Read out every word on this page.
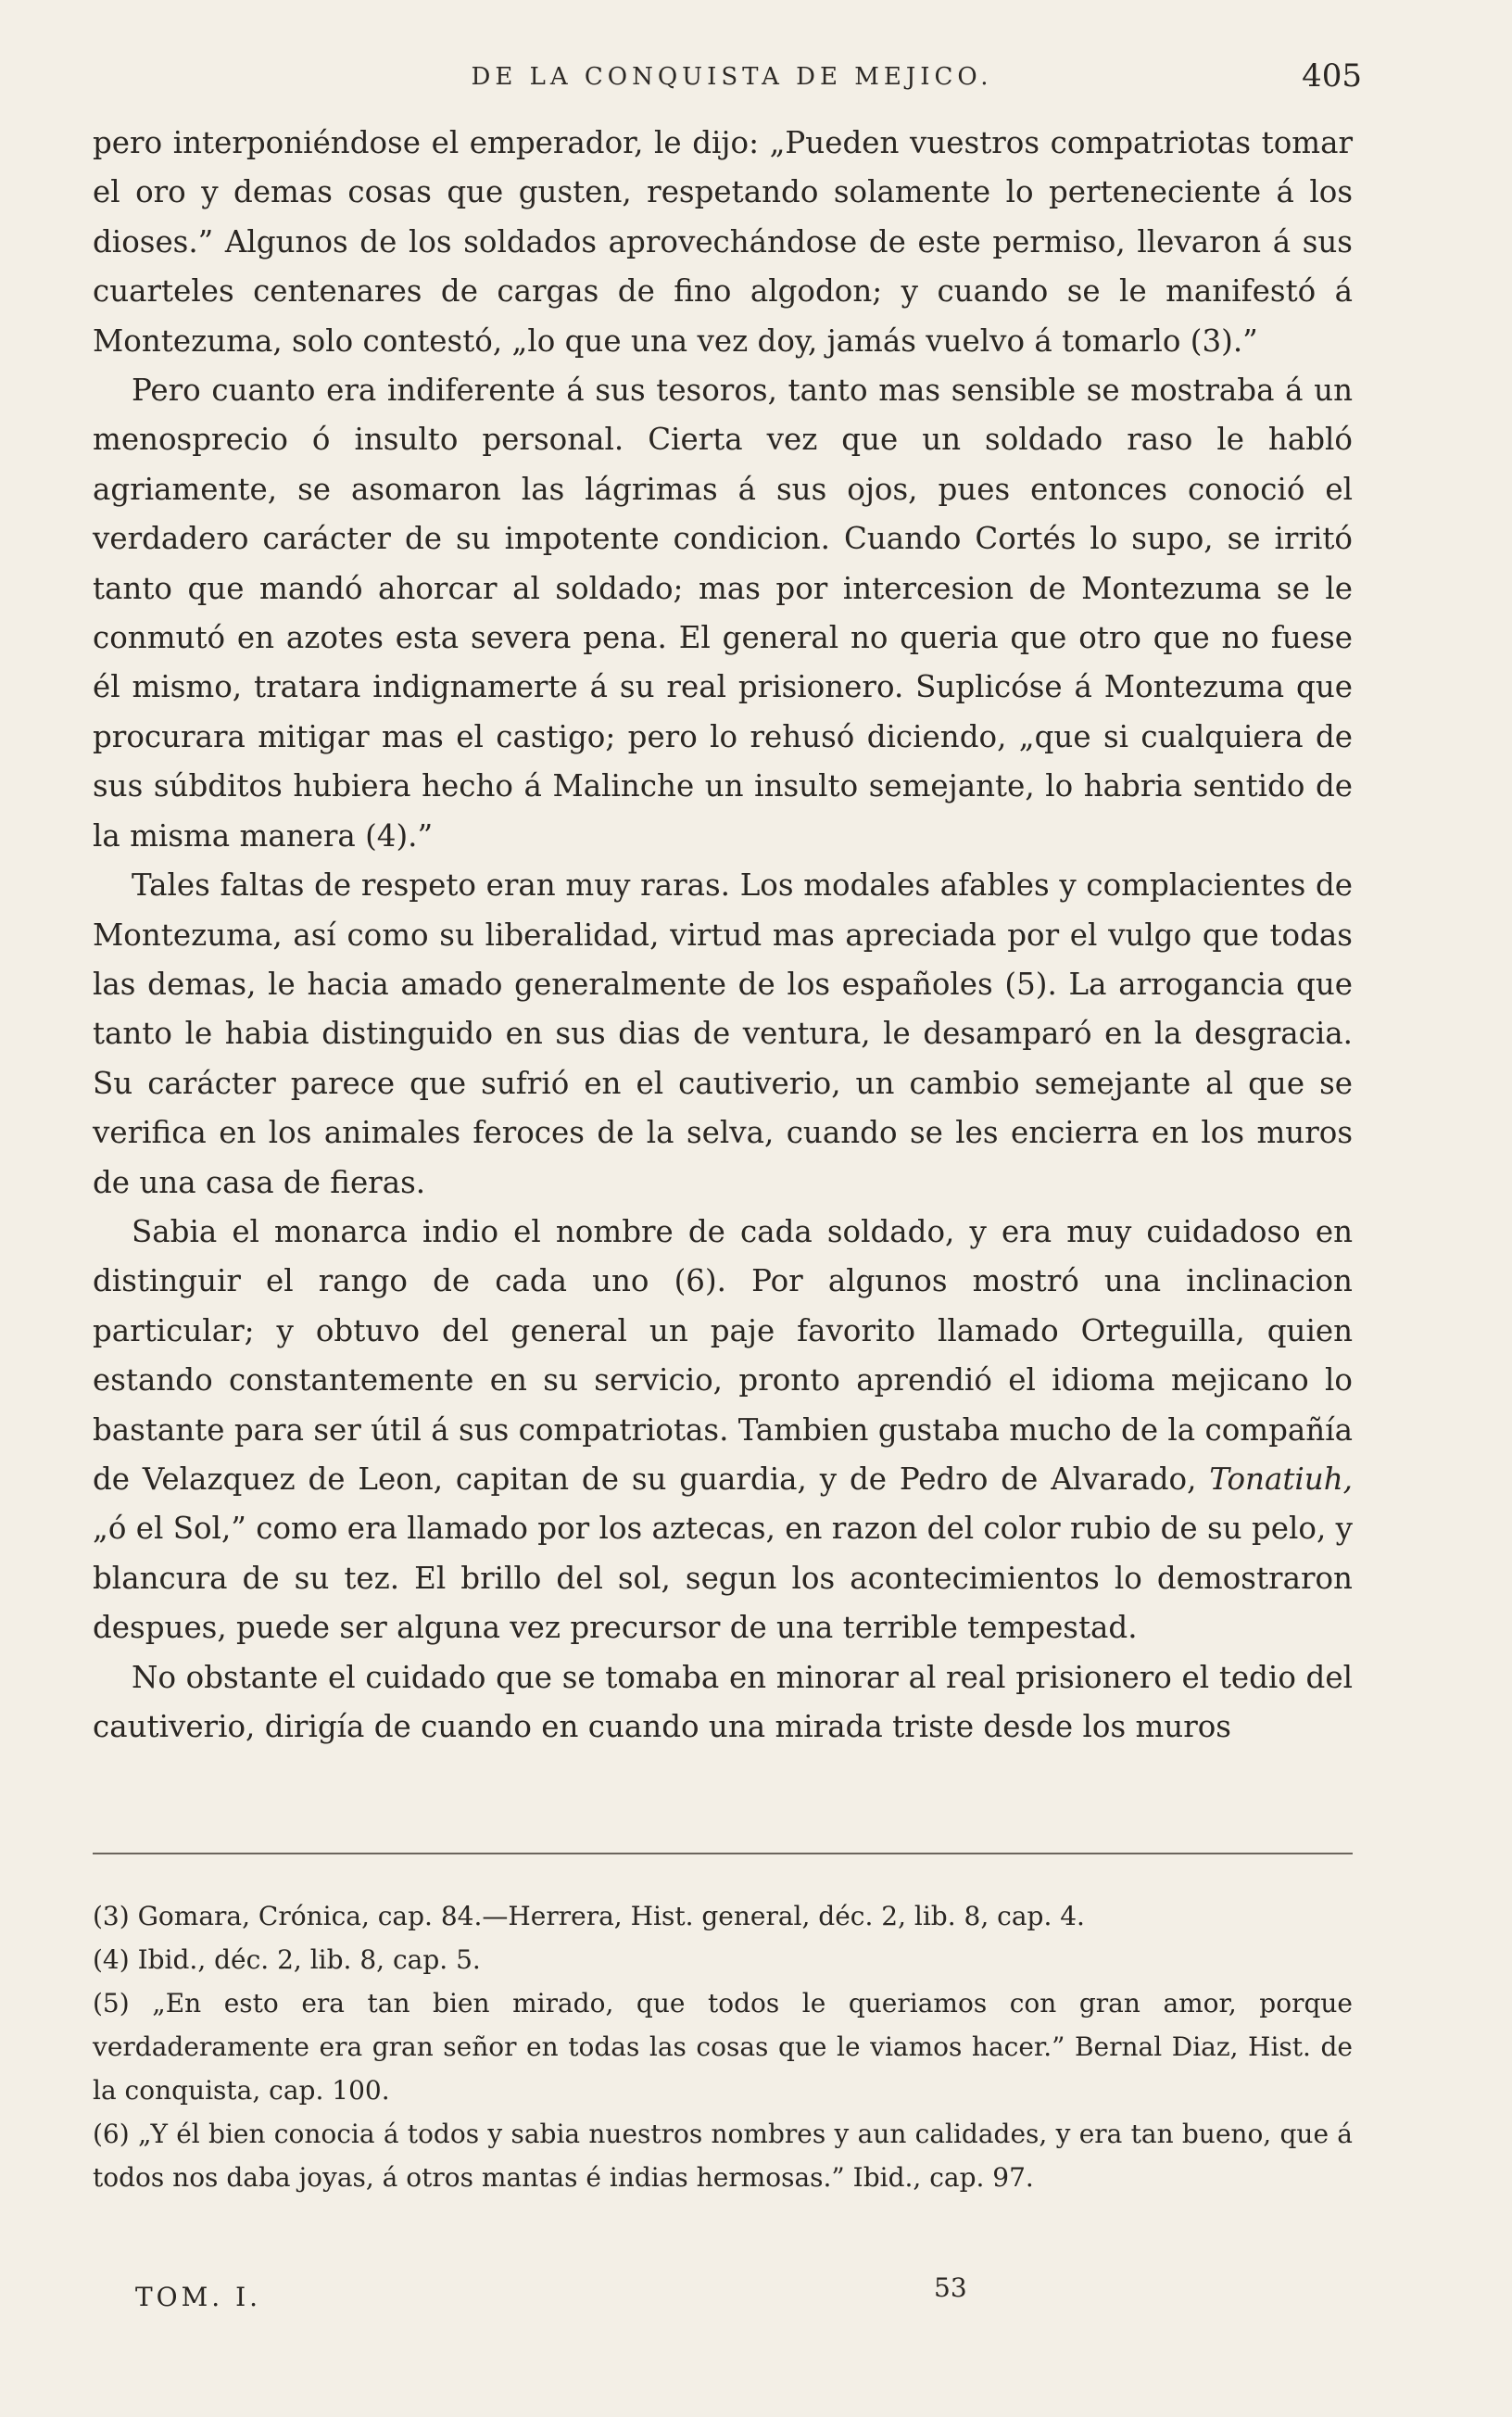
DE LA CONQUISTA DE MEJICO.	405

pero interponiéndose el emperador, le dijo: „Pueden vuestros compatriotas tomar el oro y demas cosas que gusten, respetando solamente lo perteneciente á los dioses.” Algunos de los soldados aprovechándose de este permiso, llevaron á sus cuarteles centenares de cargas de fino algodon; y cuando se le manifestó á Montezuma, solo contestó, „lo que una vez doy, jamás vuelvo á tomarlo (3).”

Pero cuanto era indiferente á sus tesoros, tanto mas sensible se mostraba á un menosprecio ó insulto personal. Cierta vez que un soldado raso le habló agriamente, se asomaron las lágrimas á sus ojos, pues entonces conoció el verdadero carácter de su impotente condicion. Cuando Cortés lo supo, se irritó tanto que mandó ahorcar al soldado; mas por intercesion de Montezuma se le conmutó en azotes esta severa pena. El general no queria que otro que no fuese él mismo, tratara indignamerte á su real prisionero. Suplicóse á Montezuma que procurara mitigar mas el castigo; pero lo rehusó diciendo, „que si cualquiera de sus súbditos hubiera hecho á Malinche un insulto semejante, lo habria sentido de la misma manera (4).”

Tales faltas de respeto eran muy raras. Los modales afables y complacientes de Montezuma, así como su liberalidad, virtud mas apreciada por el vulgo que todas las demas, le hacia amado generalmente de los españoles (5). La arrogancia que tanto le habia distinguido en sus dias de ventura, le desamparó en la desgracia. Su carácter parece que sufrió en el cautiverio, un cambio semejante al que se verifica en los animales feroces de la selva, cuando se les encierra en los muros de una casa de fieras.

Sabia el monarca indio el nombre de cada soldado, y era muy cuidadoso en distinguir el rango de cada uno (6). Por algunos mostró una inclinacion particular; y obtuvo del general un paje favorito llamado Orteguilla, quien estando constantemente en su servicio, pronto aprendió el idioma mejicano lo bastante para ser útil á sus compatriotas. Tambien gustaba mucho de la compañía de Velazquez de Leon, capitan de su guardia, y de Pedro de Alvarado, Tonatiuh, „ó el Sol,” como era llamado por los aztecas, en razon del color rubio de su pelo, y blancura de su tez. El brillo del sol, segun los acontecimientos lo demostraron despues, puede ser alguna vez precursor de una terrible tempestad.

No obstante el cuidado que se tomaba en minorar al real prisionero el tedio del cautiverio, dirigía de cuando en cuando una mirada triste desde los muros

(3) Gomara, Crónica, cap. 84.—Herrera, Hist. general, déc. 2, lib. 8, cap. 4.

(4) Ibid., déc. 2, lib. 8, cap. 5.

(5) „En esto era tan bien mirado, que todos le queriamos con gran amor, porque verdaderamente era gran señor en todas las cosas que le viamos hacer.” Bernal Diaz, Hist. de la conquista, cap. 100.

(6) „Y él bien conocia á todos y sabia nuestros nombres y aun calidades, y era tan bueno, que á todos nos daba joyas, á otros mantas é indias hermosas.” Ibid., cap. 97.

TOM. I.	53
